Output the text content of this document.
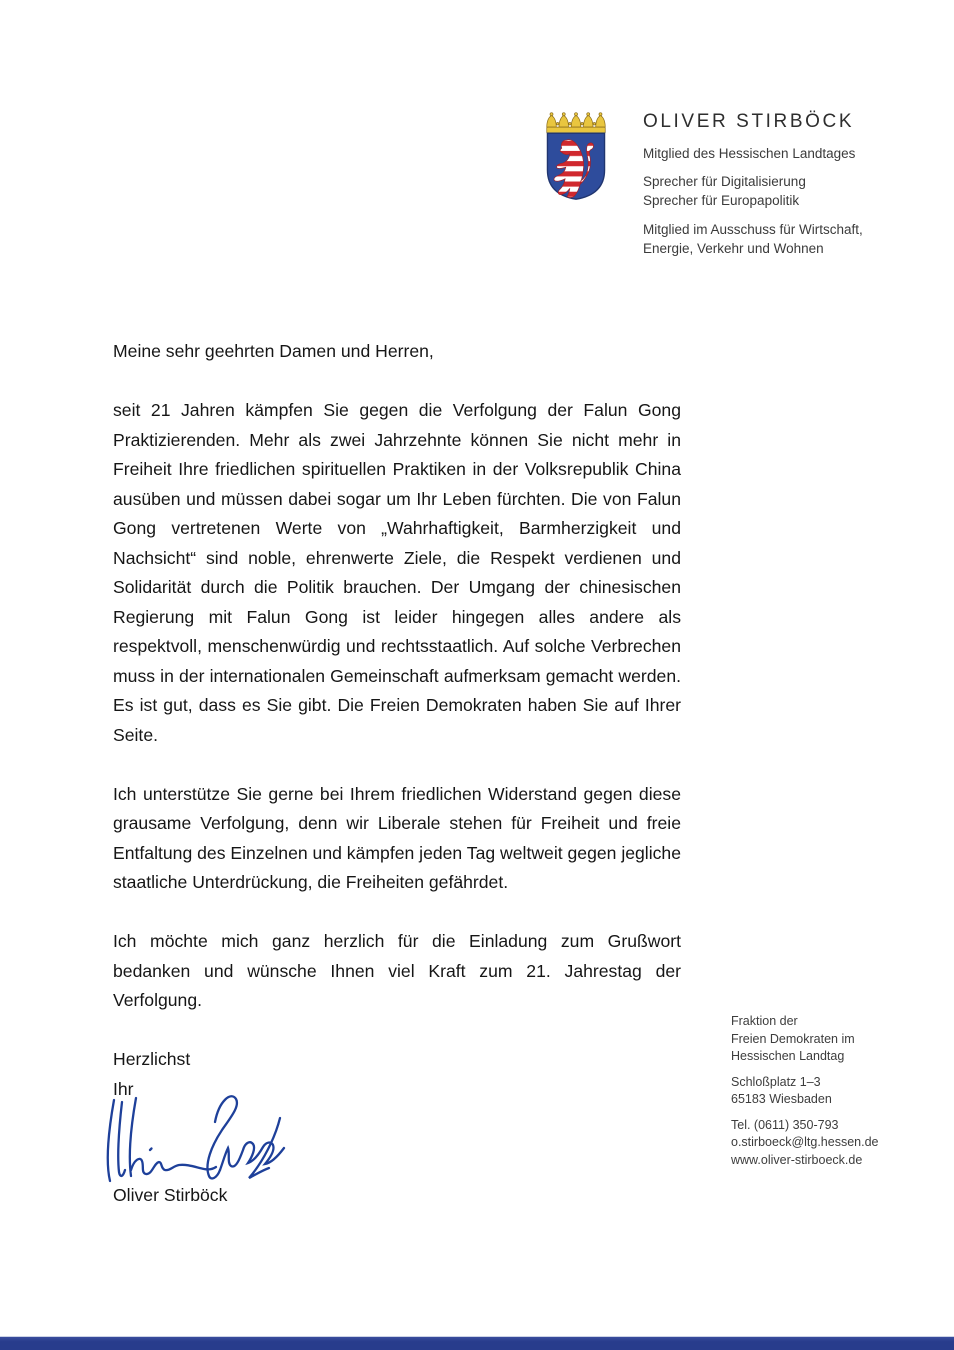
OLIVER STIRBÖCK
Mitglied des Hessischen Landtages
Sprecher für Digitalisierung
Sprecher für Europapolitik
Mitglied im Ausschuss für Wirtschaft,
Energie, Verkehr und Wohnen

Meine sehr geehrten Damen und Herren,

seit 21 Jahren kämpfen Sie gegen die Verfolgung der Falun Gong Praktizierenden. Mehr als zwei Jahrzehnte können Sie nicht mehr in Freiheit Ihre friedlichen spirituellen Praktiken in der Volksrepublik China ausüben und müssen dabei sogar um Ihr Leben fürchten. Die von Falun Gong vertretenen Werte von „Wahrhaftigkeit, Barmherzigkeit und Nachsicht“ sind noble, ehrenwerte Ziele, die Respekt verdienen und Solidarität durch die Politik brauchen. Der Umgang der chinesischen Regierung mit Falun Gong ist leider hingegen alles andere als respektvoll, menschenwürdig und rechtsstaatlich. Auf solche Verbrechen muss in der internationalen Gemeinschaft aufmerksam gemacht werden. Es ist gut, dass es Sie gibt. Die Freien Demokraten haben Sie auf Ihrer Seite.

Ich unterstütze Sie gerne bei Ihrem friedlichen Widerstand gegen diese grausame Verfolgung, denn wir Liberale stehen für Freiheit und freie Entfaltung des Einzelnen und kämpfen jeden Tag weltweit gegen jegliche staatliche Unterdrückung, die Freiheiten gefährdet.

Ich möchte mich ganz herzlich für die Einladung zum Grußwort bedanken und wünsche Ihnen viel Kraft zum 21. Jahrestag der Verfolgung.

Herzlichst

Ihr

Oliver Stirböck
Fraktion der
Freien Demokraten im
Hessischen Landtag
Schloßplatz 1–3
65183 Wiesbaden
Tel. (0611) 350-793
o.stirboeck@ltg.hessen.de
www.oliver-stirboeck.de
